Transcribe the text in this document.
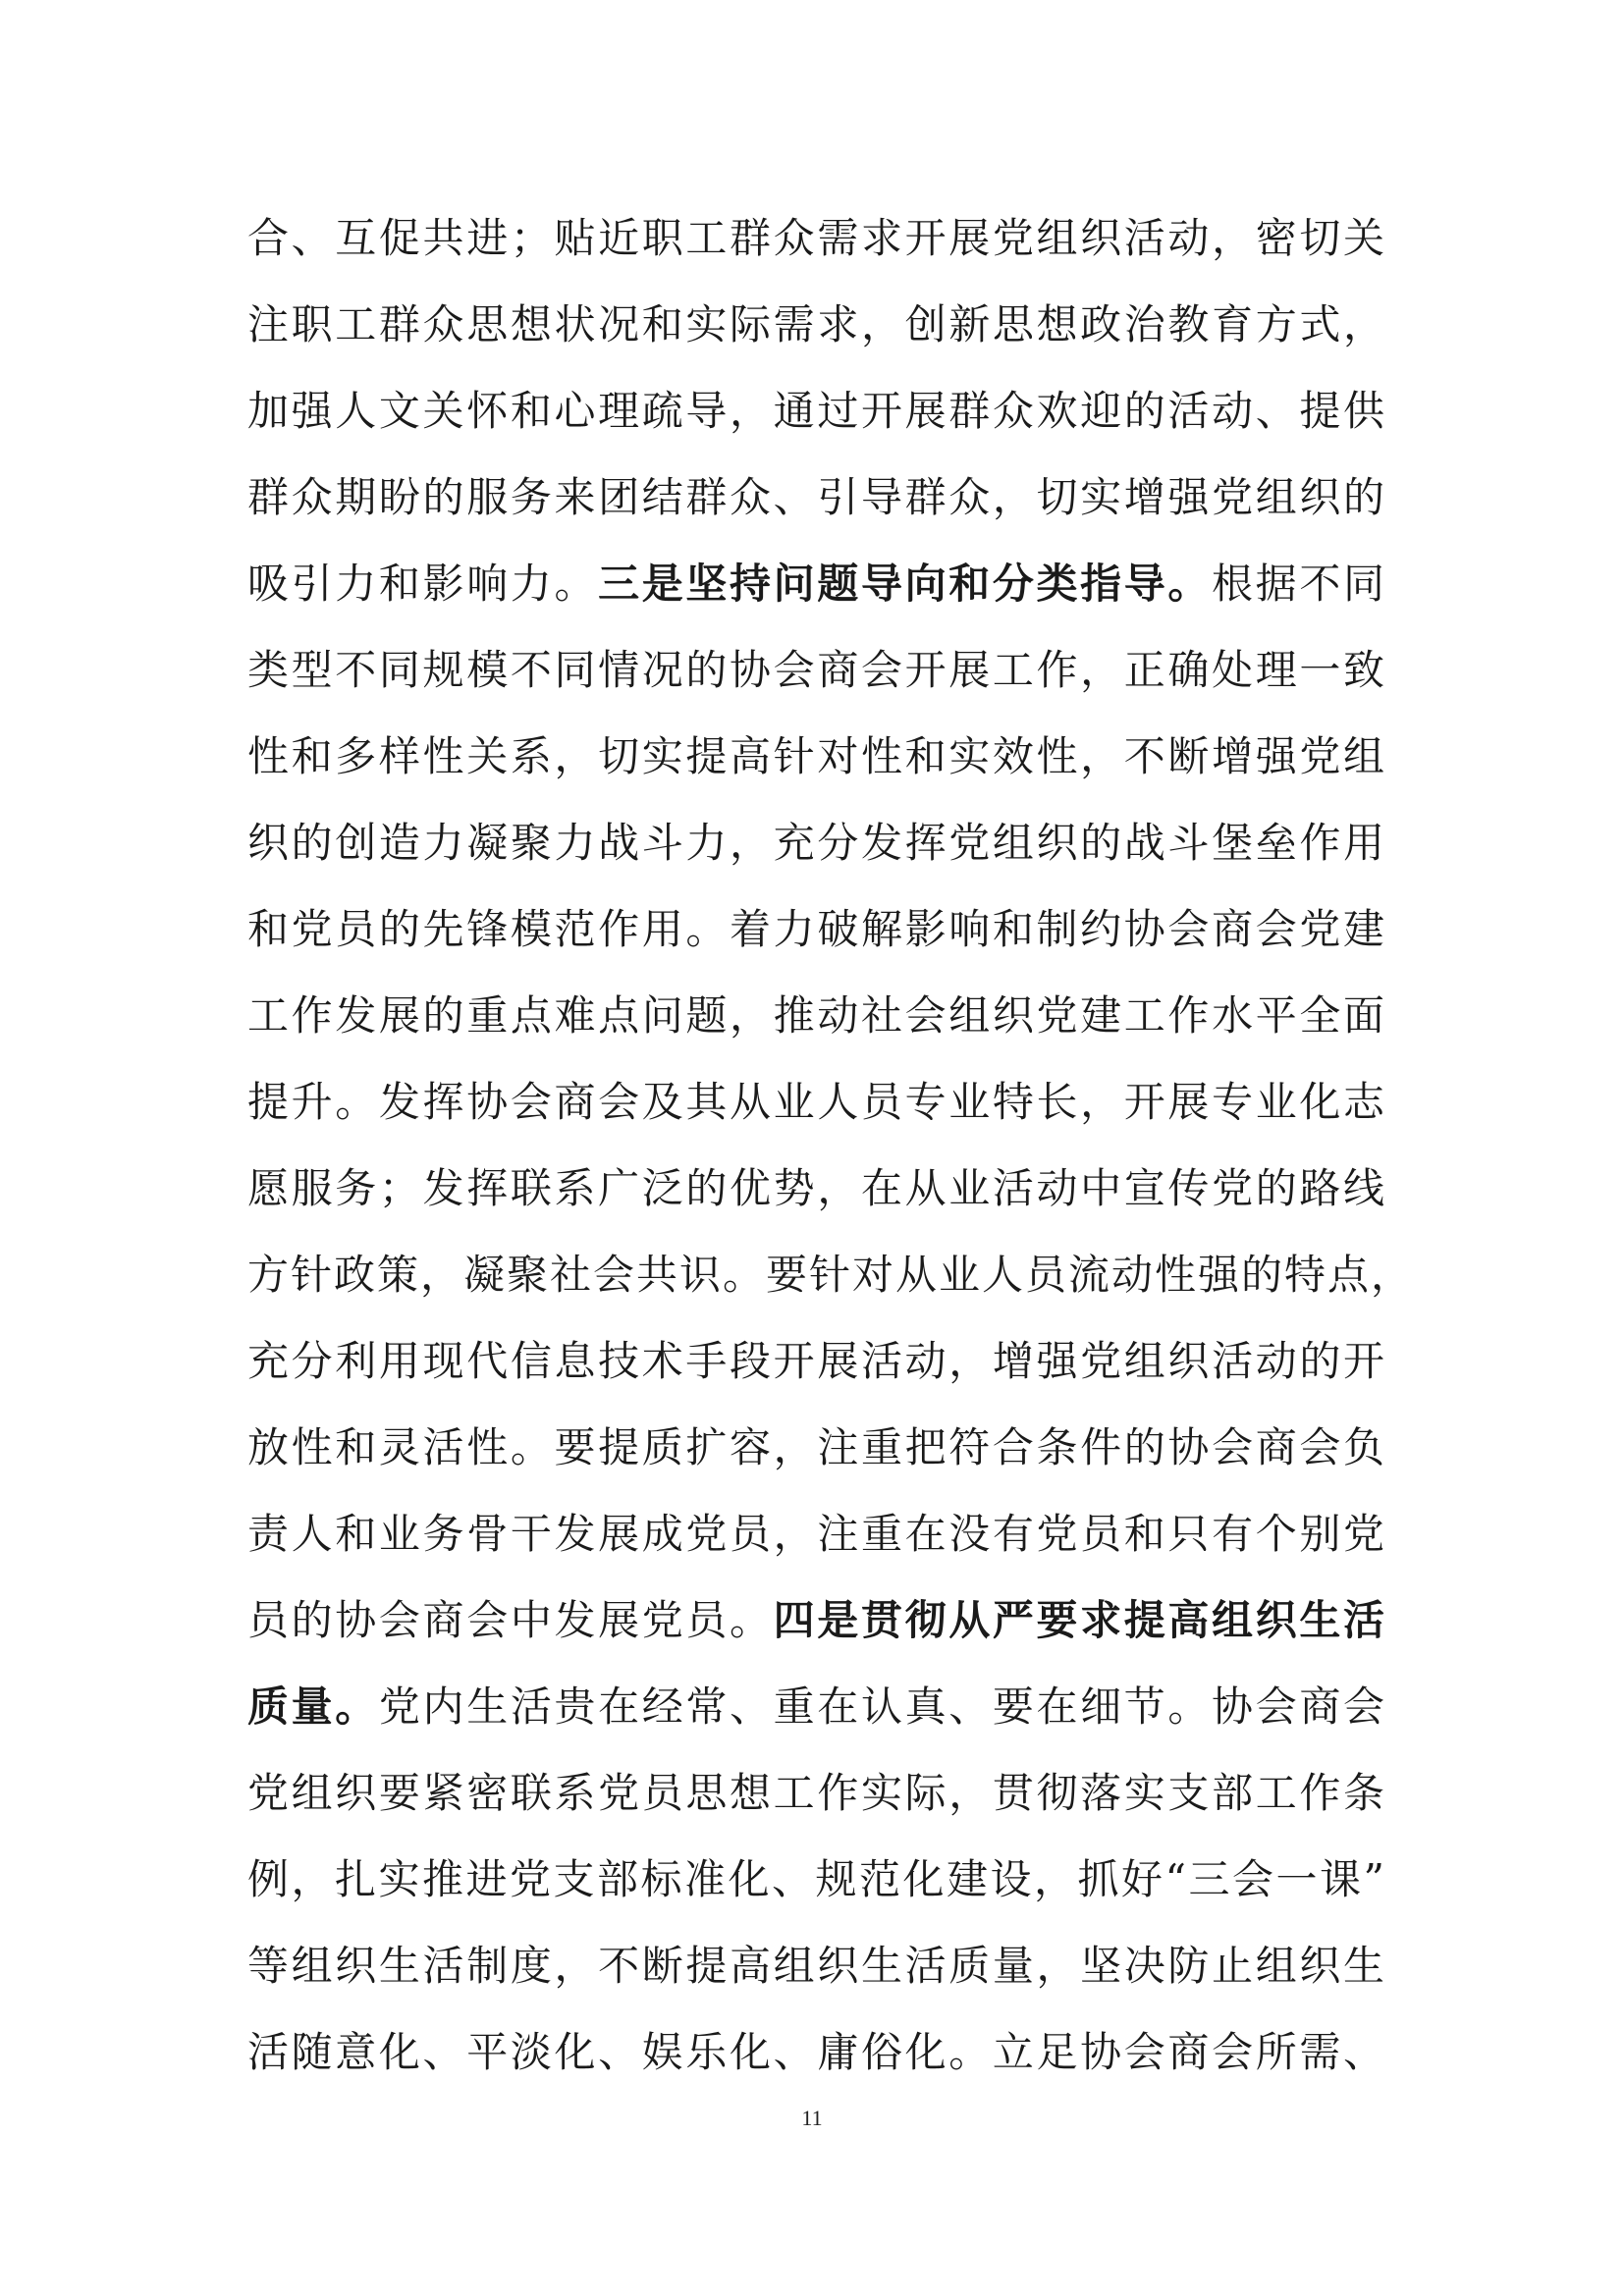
合、互促共进；贴近职工群众需求开展党组织活动，密切关
注职工群众思想状况和实际需求，创新思想政治教育方式，
加强人文关怀和心理疏导，通过开展群众欢迎的活动、提供
群众期盼的服务来团结群众、引导群众，切实增强党组织的
吸引力和影响力。三是坚持问题导向和分类指导。根据不同
类型不同规模不同情况的协会商会开展工作，正确处理一致
性和多样性关系，切实提高针对性和实效性，不断增强党组
织的创造力凝聚力战斗力，充分发挥党组织的战斗堡垒作用
和党员的先锋模范作用。着力破解影响和制约协会商会党建
工作发展的重点难点问题，推动社会组织党建工作水平全面
提升。发挥协会商会及其从业人员专业特长，开展专业化志
愿服务；发挥联系广泛的优势，在从业活动中宣传党的路线
方针政策，凝聚社会共识。要针对从业人员流动性强的特点，
充分利用现代信息技术手段开展活动，增强党组织活动的开
放性和灵活性。要提质扩容，注重把符合条件的协会商会负
责人和业务骨干发展成党员，注重在没有党员和只有个别党
员的协会商会中发展党员。四是贯彻从严要求提高组织生活
质量。党内生活贵在经常、重在认真、要在细节。协会商会
党组织要紧密联系党员思想工作实际，贯彻落实支部工作条
例，扎实推进党支部标准化、规范化建设，抓好“三会一课”
等组织生活制度，不断提高组织生活质量，坚决防止组织生
活随意化、平淡化、娱乐化、庸俗化。立足协会商会所需、
11
